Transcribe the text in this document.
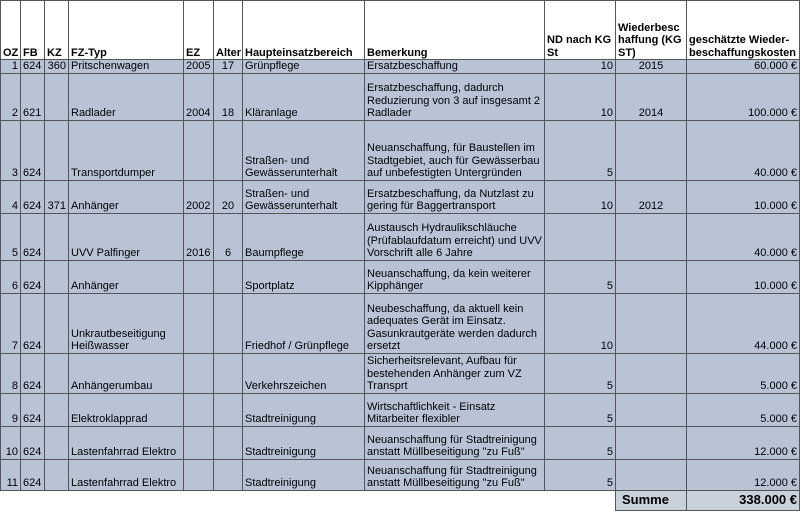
OZ	FB	KZ	FZ-Typ	EZ	Alter	Haupteinsatzbereich	Bemerkung	ND nach KG St	Wiederbesc haffung (KG ST)	geschätzte Wieder- beschaffungskosten
1	624	360	Pritschenwagen	2005	17	Grünpflege	Ersatzbeschaffung	10	2015	60.000 €
2	621		Radlader	2004	18	Kläranlage	Ersatzbeschaffung, dadurch Reduzierung von 3 auf insgesamt 2 Radlader	10	2014	100.000 €
3	624		Transportdumper			Straßen- und Gewässerunterhalt	Neuanschaffung, für Baustellen im Stadtgebiet, auch für Gewässerbau auf unbefestigten Untergründen	5		40.000 €
4	624	371	Anhänger	2002	20	Straßen- und Gewässerunterhalt	Ersatzbeschaffung, da Nutzlast zu gering für Baggertransport	10	2012	10.000 €
5	624		UVV Palfinger	2016	6	Baumpflege	Austausch Hydraulikschläuche (Prüfablaufdatum erreicht) und UVV Vorschrift alle 6 Jahre			40.000 €
6	624		Anhänger			Sportplatz	Neuanschaffung, da kein weiterer Kipphänger	5		10.000 €
7	624		Unkrautbeseitigung Heißwasser			Friedhof / Grünpflege	Neubeschaffung, da aktuell kein adequates Gerät im Einsatz. Gasunkrautgeräte werden dadurch ersetzt	10		44.000 €
8	624		Anhängerumbau			Verkehrszeichen	Sicherheitsrelevant, Aufbau für bestehenden Anhänger zum VZ Transprt	5		5.000 €
9	624		Elektroklapprad			Stadtreinigung	Wirtschaftlichkeit - Einsatz Mitarbeiter flexibler	5		5.000 €
10	624		Lastenfahrrad Elektro			Stadtreinigung	Neuanschaffung für Stadtreinigung anstatt Müllbeseitigung "zu Fuß"	5		12.000 €
11	624		Lastenfahrrad Elektro			Stadtreinigung	Neuanschaffung für Stadtreinigung anstatt Müllbeseitigung "zu Fuß"	5		12.000 €
									Summe	338.000 €
